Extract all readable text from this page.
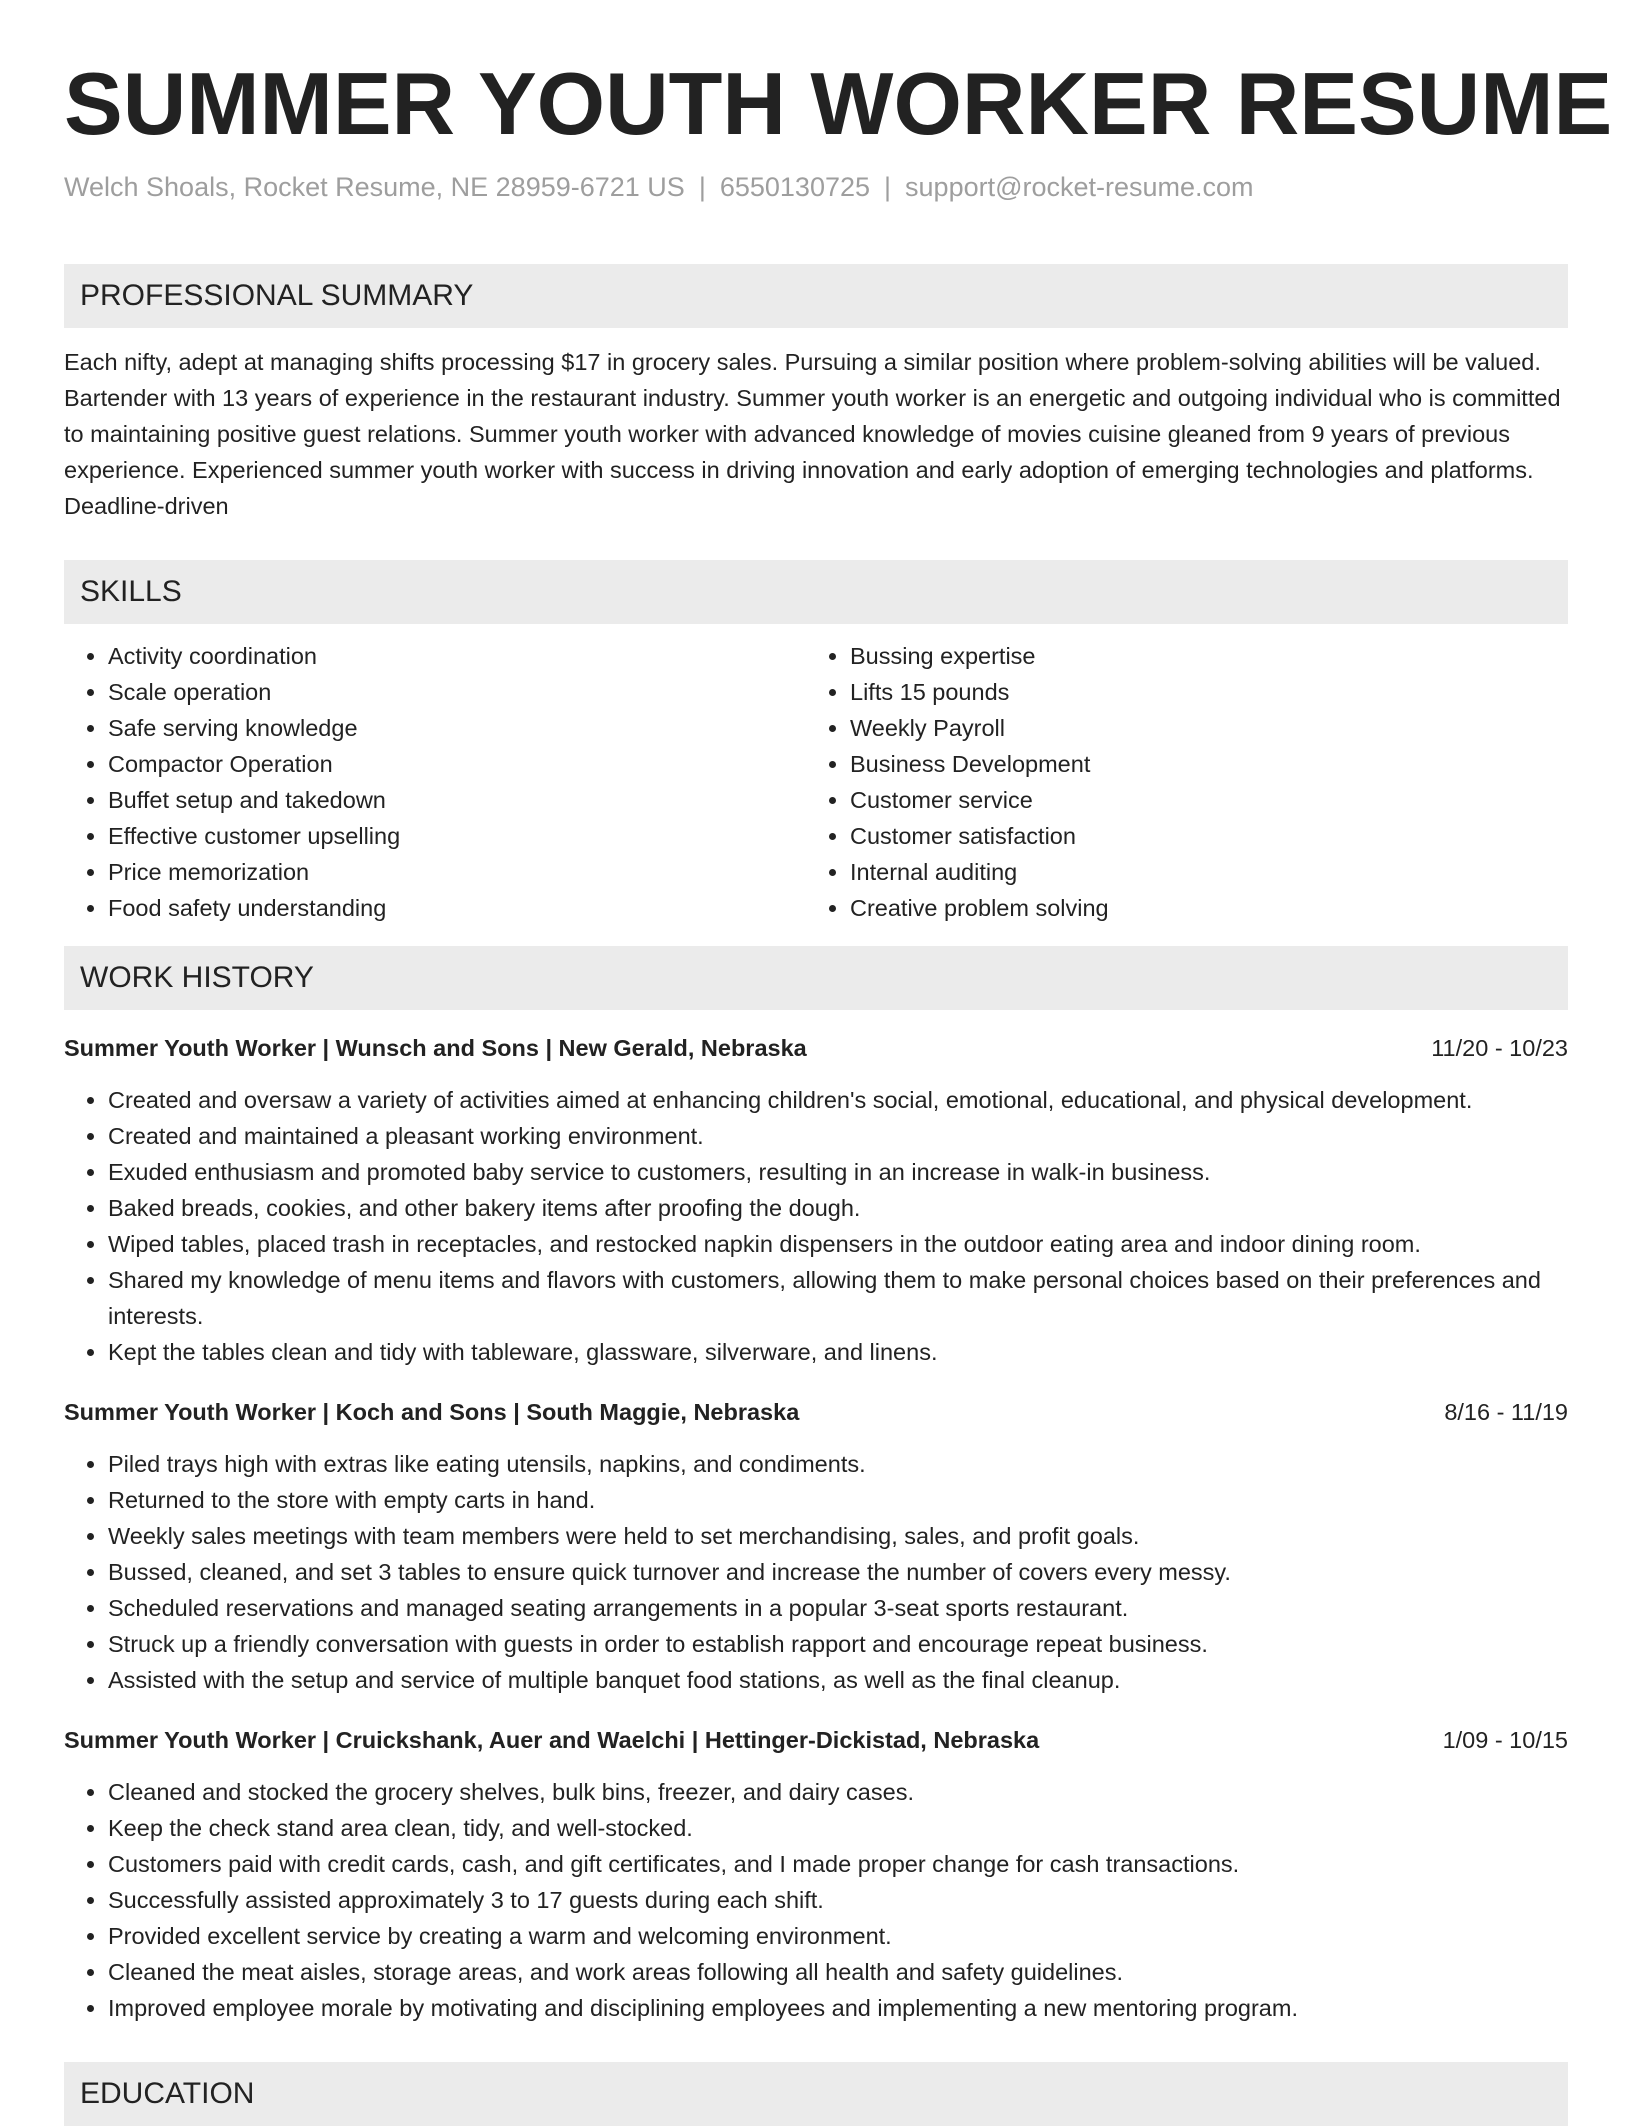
SUMMER YOUTH WORKER RESUME
Welch Shoals, Rocket Resume, NE 28959-6721 US | 6550130725 | support@rocket-resume.com
PROFESSIONAL SUMMARY
Each nifty, adept at managing shifts processing $17 in grocery sales. Pursuing a similar position where problem-solving abilities will be valued. Bartender with 13 years of experience in the restaurant industry. Summer youth worker is an energetic and outgoing individual who is committed to maintaining positive guest relations. Summer youth worker with advanced knowledge of movies cuisine gleaned from 9 years of previous experience. Experienced summer youth worker with success in driving innovation and early adoption of emerging technologies and platforms. Deadline-driven
SKILLS
• Activity coordination
• Scale operation
• Safe serving knowledge
• Compactor Operation
• Buffet setup and takedown
• Effective customer upselling
• Price memorization
• Food safety understanding
• Bussing expertise
• Lifts 15 pounds
• Weekly Payroll
• Business Development
• Customer service
• Customer satisfaction
• Internal auditing
• Creative problem solving
WORK HISTORY
Summer Youth Worker | Wunsch and Sons | New Gerald, Nebraska	11/20 - 10/23
• Created and oversaw a variety of activities aimed at enhancing children's social, emotional, educational, and physical development.
• Created and maintained a pleasant working environment.
• Exuded enthusiasm and promoted baby service to customers, resulting in an increase in walk-in business.
• Baked breads, cookies, and other bakery items after proofing the dough.
• Wiped tables, placed trash in receptacles, and restocked napkin dispensers in the outdoor eating area and indoor dining room.
• Shared my knowledge of menu items and flavors with customers, allowing them to make personal choices based on their preferences and interests.
• Kept the tables clean and tidy with tableware, glassware, silverware, and linens.
Summer Youth Worker | Koch and Sons | South Maggie, Nebraska	8/16 - 11/19
• Piled trays high with extras like eating utensils, napkins, and condiments.
• Returned to the store with empty carts in hand.
• Weekly sales meetings with team members were held to set merchandising, sales, and profit goals.
• Bussed, cleaned, and set 3 tables to ensure quick turnover and increase the number of covers every messy.
• Scheduled reservations and managed seating arrangements in a popular 3-seat sports restaurant.
• Struck up a friendly conversation with guests in order to establish rapport and encourage repeat business.
• Assisted with the setup and service of multiple banquet food stations, as well as the final cleanup.
Summer Youth Worker | Cruickshank, Auer and Waelchi | Hettinger-Dickistad, Nebraska	1/09 - 10/15
• Cleaned and stocked the grocery shelves, bulk bins, freezer, and dairy cases.
• Keep the check stand area clean, tidy, and well-stocked.
• Customers paid with credit cards, cash, and gift certificates, and I made proper change for cash transactions.
• Successfully assisted approximately 3 to 17 guests during each shift.
• Provided excellent service by creating a warm and welcoming environment.
• Cleaned the meat aisles, storage areas, and work areas following all health and safety guidelines.
• Improved employee morale by motivating and disciplining employees and implementing a new mentoring program.
EDUCATION
